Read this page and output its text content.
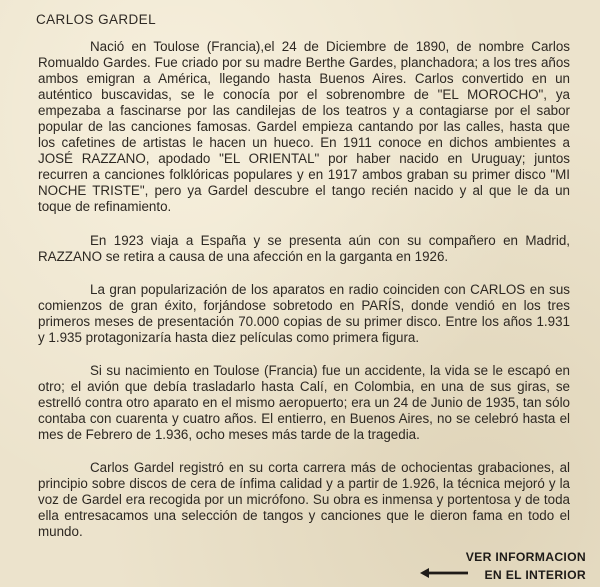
CARLOS GARDEL

Nació en Toulose (Francia),el 24 de Diciembre de 1890, de nombre Carlos Romualdo Gardes. Fue criado por su madre Berthe Gardes, planchadora; a los tres años ambos emigran a América, llegando hasta Buenos Aires. Carlos convertido en un auténtico buscavidas, se le conocía por el sobrenombre de "EL MOROCHO", ya empezaba a fascinarse por las candilejas de los teatros y a contagiarse por el sabor popular de las canciones famosas. Gardel empieza cantando por las calles, hasta que los cafetines de artistas le hacen un hueco. En 1911 conoce en dichos ambientes a JOSÉ RAZZANO, apodado "EL ORIENTAL" por haber nacido en Uruguay; juntos recurren a canciones folklóricas populares y en 1917 ambos graban su primer disco "MI NOCHE TRISTE", pero ya Gardel descubre el tango recién nacido y al que le da un toque de refinamiento.

En 1923 viaja a España y se presenta aún con su compañero en Madrid, RAZZANO se retira a causa de una afección en la garganta en 1926.

La gran popularización de los aparatos en radio coinciden con CARLOS en sus comienzos de gran éxito, forjándose sobretodo en PARÍS, donde vendió en los tres primeros meses de presentación 70.000 copias de su primer disco. Entre los años 1.931 y 1.935 protagonizaría hasta diez películas como primera figura.

Si su nacimiento en Toulose (Francia) fue un accidente, la vida se le escapó en otro; el avión que debía trasladarlo hasta Calí, en Colombia, en una de sus giras, se estrelló contra otro aparato en el mismo aeropuerto; era un 24 de Junio de 1935, tan sólo contaba con cuarenta y cuatro años. El entierro, en Buenos Aires, no se celebró hasta el mes de Febrero de 1.936, ocho meses más tarde de la tragedia.

Carlos Gardel registró en su corta carrera más de ochocientas grabaciones, al principio sobre discos de cera de ínfima calidad y a partir de 1.926, la técnica mejoró y la voz de Gardel era recogida por un micrófono. Su obra es inmensa y portentosa y de toda ella entresacamos una selección de tangos y canciones que le dieron fama en todo el mundo.

VER INFORMACION
EN EL INTERIOR
